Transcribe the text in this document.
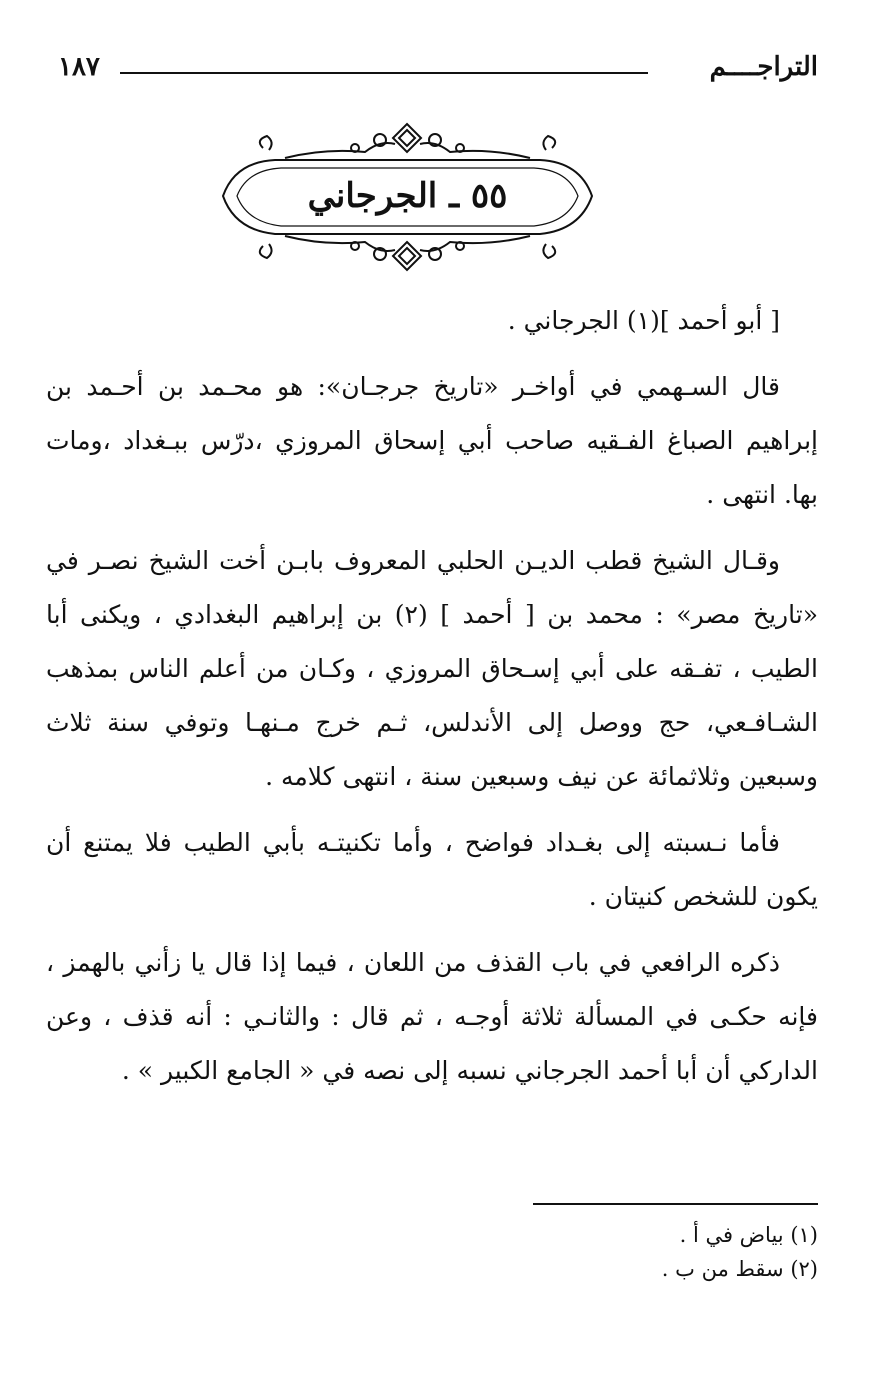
التراجــــم
١٨٧
٥٥ ـ الجرجاني

[ أبو أحمد ](١) الجرجاني .

قال السـهمي في أواخـر «تاريخ جرجـان»: هو محـمد بن أحـمد بن إبراهيم الصباغ الفـقيه صاحب أبي إسحاق المروزي ،درّس ببـغداد ،ومات بها. انتهى .

وقـال الشيخ قطب الديـن الحلبي المعروف بابـن أخت الشيخ نصـر في «تاريخ مصر» : محمد بن [ أحمد ] (٢) بن إبراهيم البغدادي ، ويكنى أبا الطيب ، تفـقه على أبي إسـحاق المروزي ، وكـان من أعلم الناس بمذهب الشـافـعي، حج ووصل إلى الأندلس، ثـم خرج مـنهـا وتوفي سنة ثلاث وسبعين وثلاثمائة عن نيف وسبعين سنة ، انتهى كلامه .

فأما نـسبته إلى بغـداد فواضح ، وأما تكنيتـه بأبي الطيب فلا يمتنع أن يكون للشخص كنيتان .

ذكره الرافعي في باب القذف من اللعان ، فيما إذا قال يا زأني بالهمز ، فإنه حكـى في المسألة ثلاثة أوجـه ، ثم قال : والثانـي : أنه قذف ، وعن الداركي أن أبا أحمد الجرجاني نسبه إلى نصه في « الجامع الكبير » .

(١) بياض في أ .
(٢) سقط من ب .
